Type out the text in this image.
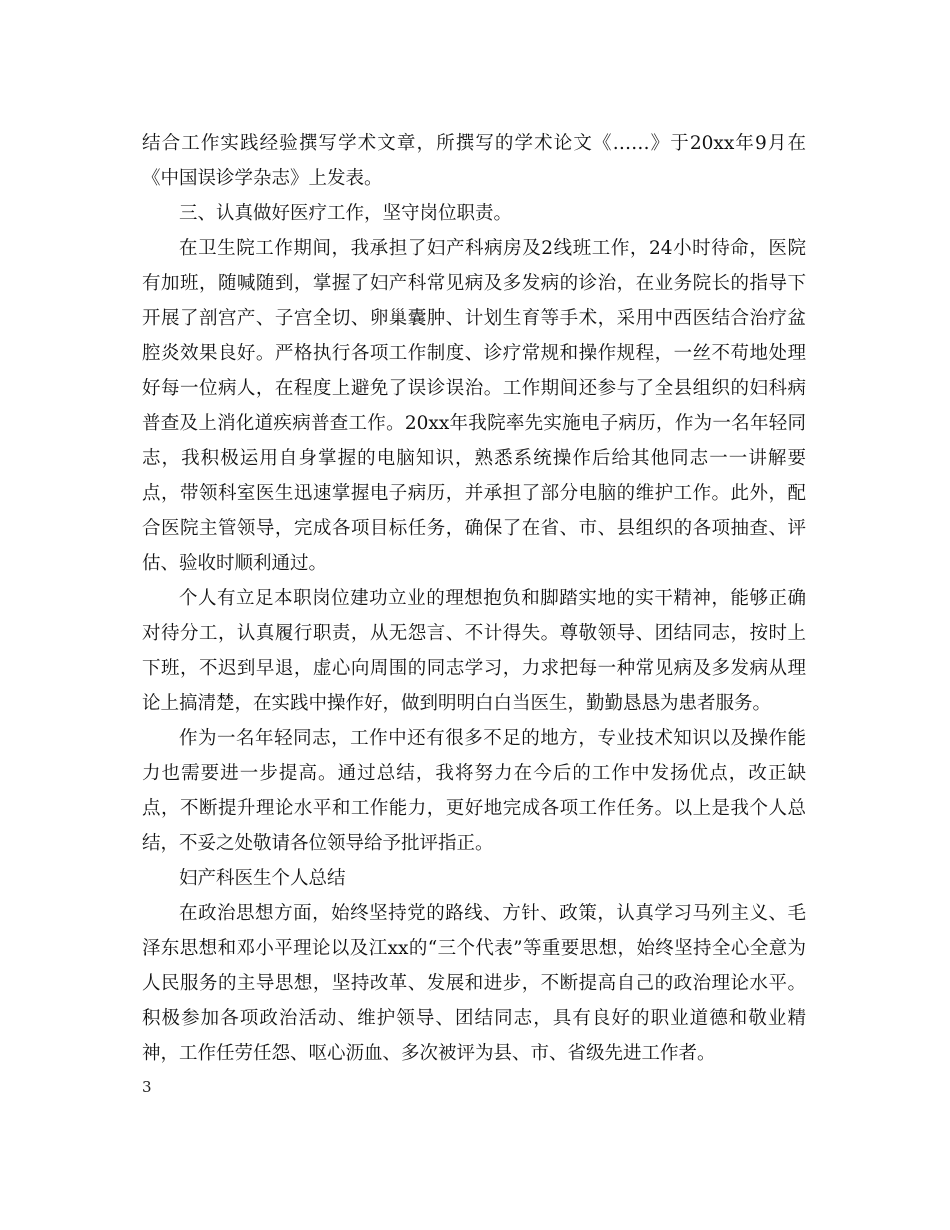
结合工作实践经验撰写学术文章，所撰写的学术论文《……》于20xx年9月在《中国误诊学杂志》上发表。

三、认真做好医疗工作，坚守岗位职责。

在卫生院工作期间，我承担了妇产科病房及2线班工作，24小时待命，医院有加班，随喊随到，掌握了妇产科常见病及多发病的诊治，在业务院长的指导下开展了剖宫产、子宫全切、卵巢囊肿、计划生育等手术，采用中西医结合治疗盆腔炎效果良好。严格执行各项工作制度、诊疗常规和操作规程，一丝不苟地处理好每一位病人，在程度上避免了误诊误治。工作期间还参与了全县组织的妇科病普查及上消化道疾病普查工作。20xx年我院率先实施电子病历，作为一名年轻同志，我积极运用自身掌握的电脑知识，熟悉系统操作后给其他同志一一讲解要点，带领科室医生迅速掌握电子病历，并承担了部分电脑的维护工作。此外，配合医院主管领导，完成各项目标任务，确保了在省、市、县组织的各项抽查、评估、验收时顺利通过。

个人有立足本职岗位建功立业的理想抱负和脚踏实地的实干精神，能够正确对待分工，认真履行职责，从无怨言、不计得失。尊敬领导、团结同志，按时上下班，不迟到早退，虚心向周围的同志学习，力求把每一种常见病及多发病从理论上搞清楚，在实践中操作好，做到明明白白当医生，勤勤恳恳为患者服务。

作为一名年轻同志，工作中还有很多不足的地方，专业技术知识以及操作能力也需要进一步提高。通过总结，我将努力在今后的工作中发扬优点，改正缺点，不断提升理论水平和工作能力，更好地完成各项工作任务。以上是我个人总结，不妥之处敬请各位领导给予批评指正。

妇产科医生个人总结

在政治思想方面，始终坚持党的路线、方针、政策，认真学习马列主义、毛泽东思想和邓小平理论以及江xx的“三个代表”等重要思想，始终坚持全心全意为人民服务的主导思想，坚持改革、发展和进步，不断提高自己的政治理论水平。积极参加各项政治活动、维护领导、团结同志，具有良好的职业道德和敬业精神，工作任劳任怨、呕心沥血、多次被评为县、市、省级先进工作者。

3
